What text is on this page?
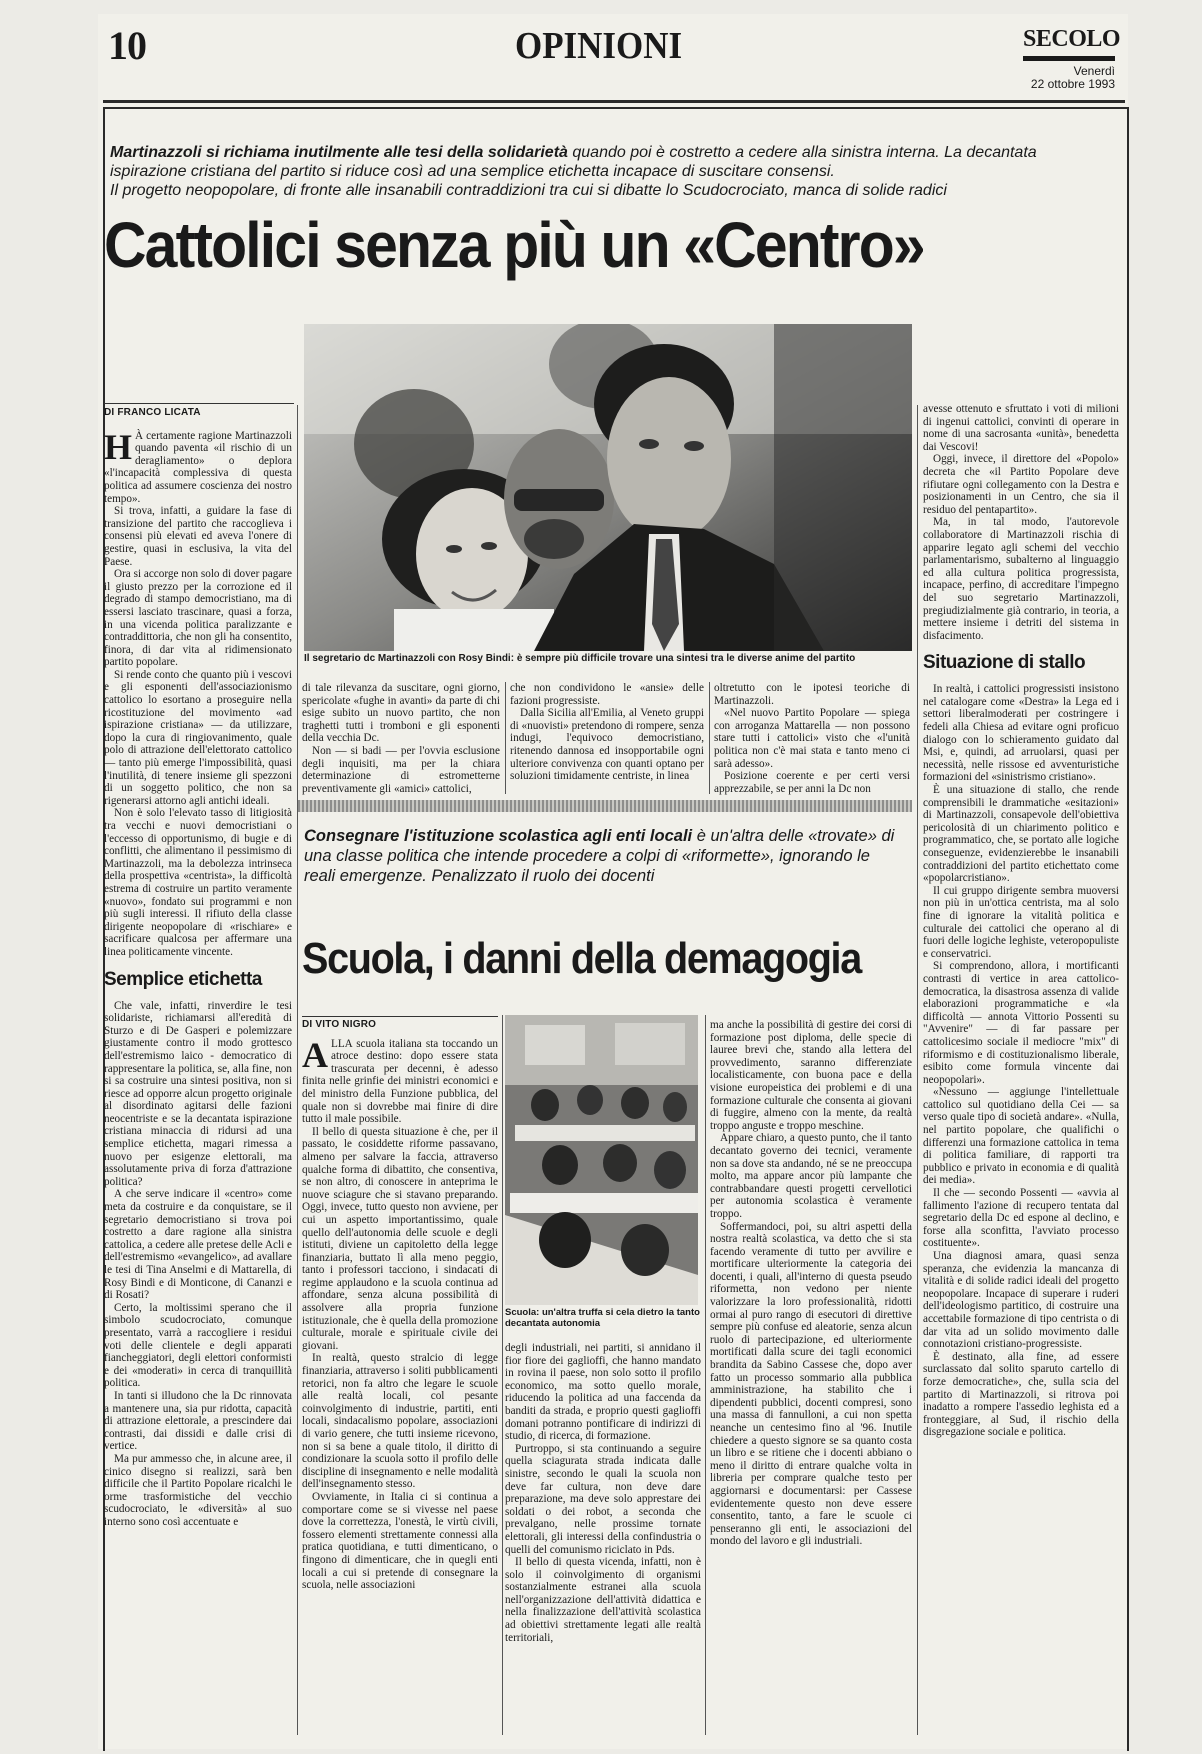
10	OPINIONI	SECOLO
Venerdì
22 ottobre 1993
Martinazzoli si richiama inutilmente alle tesi della solidarietà quando poi è costretto a cedere alla sinistra interna. La decantata ispirazione cristiana del partito si riduce così ad una semplice etichetta incapace di suscitare consensi.
Il progetto neopopolare, di fronte alle insanabili contraddizioni tra cui si dibatte lo Scudocrociato, manca di solide radici
Cattolici senza più un «Centro»
Il segretario dc Martinazzoli con Rosy Bindi: è sempre più difficile trovare una sintesi tra le diverse anime del partito
DI FRANCO LICATA

H À certamente ragione Martinazzoli quando paventa «il rischio di un deragliamento» o deplora «l'incapacità complessiva di questa politica ad assumere coscienza dei nostro tempo».

Si trova, infatti, a guidare la fase di transizione del partito che raccoglieva i consensi più elevati ed aveva l'onere di gestire, quasi in esclusiva, la vita del Paese.

Ora si accorge non solo di dover pagare il giusto prezzo per la corrozione ed il degrado di stampo democristiano, ma di essersi lasciato trascinare, quasi a forza, in una vicenda politica paralizzante e contraddittoria, che non gli ha consentito, finora, di dar vita al ridimensionato partito popolare.

Si rende conto che quanto più i vescovi e gli esponenti dell'associazionismo cattolico lo esortano a proseguire nella ricostituzione del movimento «ad ispirazione cristiana» — da utilizzare, dopo la cura di ringiovanimento, quale polo di attrazione dell'elettorato cattolico — tanto più emerge l'impossibilità, quasi l'inutilità, di tenere insieme gli spezzoni di un soggetto politico, che non sa rigenerarsi attorno agli antichi ideali.

Non è solo l'elevato tasso di litigiosità tra vecchi e nuovi democristiani o l'eccesso di opportunismo, di bugie e di conflitti, che alimentano il pessimismo di Martinazzoli, ma la debolezza intrinseca della prospettiva «centrista», la difficoltà estrema di costruire un partito veramente «nuovo», fondato sui programmi e non più sugli interessi. Il rifiuto della classe dirigente neopopolare di «rischiare» e sacrificare qualcosa per affermare una linea politicamente vincente.

Semplice etichetta

Che vale, infatti, rinverdire le tesi solidariste, richiamarsi all'eredità di Sturzo e di De Gasperi e polemizzare giustamente contro il modo grottesco dell'estremismo laico - democratico di rappresentare la politica, se, alla fine, non si sa costruire una sintesi positiva, non si riesce ad opporre alcun progetto originale al disordinato agitarsi delle fazioni neocentriste e se la decantata ispirazione cristiana minaccia di ridursi ad una semplice etichetta, magari rimessa a nuovo per esigenze elettorali, ma assolutamente priva di forza d'attrazione politica?

A che serve indicare il «centro» come meta da costruire e da conquistare, se il segretario democristiano si trova poi costretto a dare ragione alla sinistra cattolica, a cedere alle pretese delle Acli e dell'estremismo «evangelico», ad avallare le tesi di Tina Anselmi e di Mattarella, di Rosy Bindi e di Monticone, di Cananzi e di Rosati?

Certo, la moltissimi sperano che il simbolo scudocrociato, comunque presentato, varrà a raccogliere i residui voti delle clientele e degli apparati fiancheggiatori, degli elettori conformisti e dei «moderati» in cerca di tranquillità politica.

In tanti si illudono che la Dc rinnovata a mantenere una, sia pur ridotta, capacità di attrazione elettorale, a prescindere dai contrasti, dai dissidi e dalle crisi di vertice.

Ma pur ammesso che, in alcune aree, il cinico disegno si realizzi, sarà ben difficile che il Partito Popolare ricalchi le orme trasformistiche del vecchio scudocrociato, le «diversità» al suo interno sono così accentuate e

di tale rilevanza da suscitare, ogni giorno, spericolate «fughe in avanti» da parte di chi esige subito un nuovo partito, che non traghetti tutti i tromboni e gli esponenti della vecchia Dc.

Non — si badi — per l'ovvia esclusione degli inquisiti, ma per la chiara determinazione di estrometterne preventivamente gli «amici» cattolici,

che non condividono le «ansie» delle fazioni progressiste.

Dalla Sicilia all'Emilia, al Veneto gruppi di «nuovisti» pretendono di rompere, senza indugi, l'equivoco democristiano, ritenendo dannosa ed insopportabile ogni ulteriore convivenza con quanti optano per soluzioni timidamente centriste, in linea

oltretutto con le ipotesi teoriche di Martinazzoli.

«Nel nuovo Partito Popolare — spiega con arroganza Mattarella — non possono stare tutti i cattolici» visto che «l'unità politica non c'è mai stata e tanto meno ci sarà adesso».

Posizione coerente e per certi versi apprezzabile, se per anni la Dc non

avesse ottenuto e sfruttato i voti di milioni di ingenui cattolici, convinti di operare in nome di una sacrosanta «unità», benedetta dai Vescovi!

Oggi, invece, il direttore del «Popolo» decreta che «il Partito Popolare deve rifiutare ogni collegamento con la Destra e posizionamenti in un Centro, che sia il residuo del pentapartito».

Ma, in tal modo, l'autorevole collaboratore di Martinazzoli rischia di apparire legato agli schemi del vecchio parlamentarismo, subalterno al linguaggio ed alla cultura politica progressista, incapace, perfino, di accreditare l'impegno del suo segretario Martinazzoli, pregiudizialmente già contrario, in teoria, a mettere insieme i detriti del sistema in disfacimento.

Situazione di stallo

In realtà, i cattolici progressisti insistono nel catalogare come «Destra» la Lega ed i settori liberalmoderati per costringere i fedeli alla Chiesa ad evitare ogni proficuo dialogo con lo schieramento guidato dal Msi, e, quindi, ad arruolarsi, quasi per necessità, nelle rissose ed avventuristiche formazioni del «sinistrismo cristiano».

È una situazione di stallo, che rende comprensibili le drammatiche «esitazioni» di Martinazzoli, consapevole dell'obiettiva pericolosità di un chiarimento politico e programmatico, che, se portato alle logiche conseguenze, evidenzierebbe le insanabili contraddizioni del partito etichettato come «popolarcristiano».

Il cui gruppo dirigente sembra muoversi non più in un'ottica centrista, ma al solo fine di ignorare la vitalità politica e culturale dei cattolici che operano al di fuori delle logiche leghiste, veteropopuliste e conservatrici.

Si comprendono, allora, i mortificanti contrasti di vertice in area cattolico-democratica, la disastrosa assenza di valide elaborazioni programmatiche e «la difficoltà — annota Vittorio Possenti su "Avvenire" — di far passare per cattolicesimo sociale il mediocre "mix" di riformismo e di costituzionalismo liberale, esibito come formula vincente dai neopopolari».

«Nessuno — aggiunge l'intellettuale cattolico sul quotidiano della Cei — sa verso quale tipo di società andare». «Nulla, nel partito popolare, che qualifichi o differenzi una formazione cattolica in tema di politica familiare, di rapporti tra pubblico e privato in economia e di qualità dei media».

Il che — secondo Possenti — «avvia al fallimento l'azione di recupero tentata dal segretario della Dc ed espone al declino, e forse alla sconfitta, l'avviato processo costituente».

Una diagnosi amara, quasi senza speranza, che evidenzia la mancanza di vitalità e di solide radici ideali del progetto neopopolare. Incapace di superare i ruderi dell'ideologismo partitico, di costruire una accettabile formazione di tipo centrista o di dar vita ad un solido movimento dalle connotazioni cristiano-progressiste.

È destinato, alla fine, ad essere surclassato dal solito sparuto cartello di forze democratiche», che, sulla scia del partito di Martinazzoli, si ritrova poi inadatto a rompere l'assedio leghista ed a fronteggiare, al Sud, il rischio della disgregazione sociale e politica.

Consegnare l'istituzione scolastica agli enti locali è un'altra delle «trovate» di una classe politica che intende procedere a colpi di «riformette», ignorando le reali emergenze. Penalizzato il ruolo dei docenti
Scuola, i danni della demagogia
DI VITO NIGRO

ALLA scuola italiana sta toccando un atroce destino: dopo essere stata trascurata per decenni, è adesso finita nelle grinfie dei ministri economici e del ministro della Funzione pubblica, del quale non si dovrebbe mai finire di dire tutto il male possibile.

Il bello di questa situazione è che, per il passato, le cosiddette riforme passavano, almeno per salvare la faccia, attraverso qualche forma di dibattito, che consentiva, se non altro, di conoscere in anteprima le nuove sciagure che si stavano preparando. Oggi, invece, tutto questo non avviene, per cui un aspetto importantissimo, quale quello dell'autonomia delle scuole e degli istituti, diviene un capitoletto della legge finanziaria, buttato lì alla meno peggio, tanto i professori tacciono, i sindacati di regime applaudono e la scuola continua ad affondare, senza alcuna possibilità di assolvere alla propria funzione istituzionale, che è quella della promozione culturale, morale e spirituale civile dei giovani.

In realtà, questo stralcio di legge finanziaria, attraverso i soliti pubblicamenti retorici, non fa altro che legare le scuole alle realtà locali, col pesante coinvolgimento di industrie, partiti, enti locali, sindacalismo popolare, associazioni di vario genere, che tutti insieme ricevono, non si sa bene a quale titolo, il diritto di condizionare la scuola sotto il profilo delle discipline di insegnamento e nelle modalità dell'insegnamento stesso.

Ovviamente, in Italia ci si continua a comportare come se si vivesse nel paese dove la correttezza, l'onestà, le virtù civili, fossero elementi strettamente connessi alla pratica quotidiana, e tutti dimenticano, o fingono di dimenticare, che in quegli enti locali a cui si pretende di consegnare la scuola, nelle associazioni

Scuola: un'altra truffa si cela dietro la tanto decantata autonomia

degli industriali, nei partiti, si annidano il fior fiore dei gaglioffi, che hanno mandato in rovina il paese, non solo sotto il profilo economico, ma sotto quello morale, riducendo la politica ad una faccenda da banditi da strada, e proprio questi gaglioffi domani potranno pontificare di indirizzi di studio, di ricerca, di formazione.

Purtroppo, si sta continuando a seguire quella sciagurata strada indicata dalle sinistre, secondo le quali la scuola non deve far cultura, non deve dare preparazione, ma deve solo apprestare dei soldati o dei robot, a seconda che prevalgano, nelle prossime tornate elettorali, gli interessi della confindustria o quelli del comunismo riciclato in Pds.

Il bello di questa vicenda, infatti, non è solo il coinvolgimento di organismi sostanzialmente estranei alla scuola nell'organizzazione dell'attività didattica e nella finalizzazione dell'attività scolastica ad obiettivi strettamente legati alle realtà territoriali,

ma anche la possibilità di gestire dei corsi di formazione post diploma, delle specie di lauree brevi che, stando alla lettera del provvedimento, saranno differenziate localisticamente, con buona pace e della visione europeistica dei problemi e di una formazione culturale che consenta ai giovani di fuggire, almeno con la mente, da realtà troppo anguste e troppo meschine.

Appare chiaro, a questo punto, che il tanto decantato governo dei tecnici, veramente non sa dove sta andando, né se ne preoccupa molto, ma appare ancor più lampante che contrabbandare questi progetti cervellotici per autonomia scolastica è veramente troppo.

Soffermandoci, poi, su altri aspetti della nostra realtà scolastica, va detto che si sta facendo veramente di tutto per avvilire e mortificare ulteriormente la categoria dei docenti, i quali, all'interno di questa pseudo riformetta, non vedono per niente valorizzare la loro professionalità, ridotti ormai al puro rango di esecutori di direttive sempre più confuse ed aleatorie, senza alcun ruolo di partecipazione, ed ulteriormente mortificati dalla scure dei tagli economici brandita da Sabino Cassese che, dopo aver fatto un processo sommario alla pubblica amministrazione, ha stabilito che i dipendenti pubblici, docenti compresi, sono una massa di fannulloni, a cui non spetta neanche un centesimo fino al '96. Inutile chiedere a questo signore se sa quanto costa un libro e se ritiene che i docenti abbiano o meno il diritto di entrare qualche volta in libreria per comprare qualche testo per aggiornarsi e documentarsi: per Cassese evidentemente questo non deve essere consentito, tanto, a fare le scuole ci penseranno gli enti, le associazioni del mondo del lavoro e gli industriali.
